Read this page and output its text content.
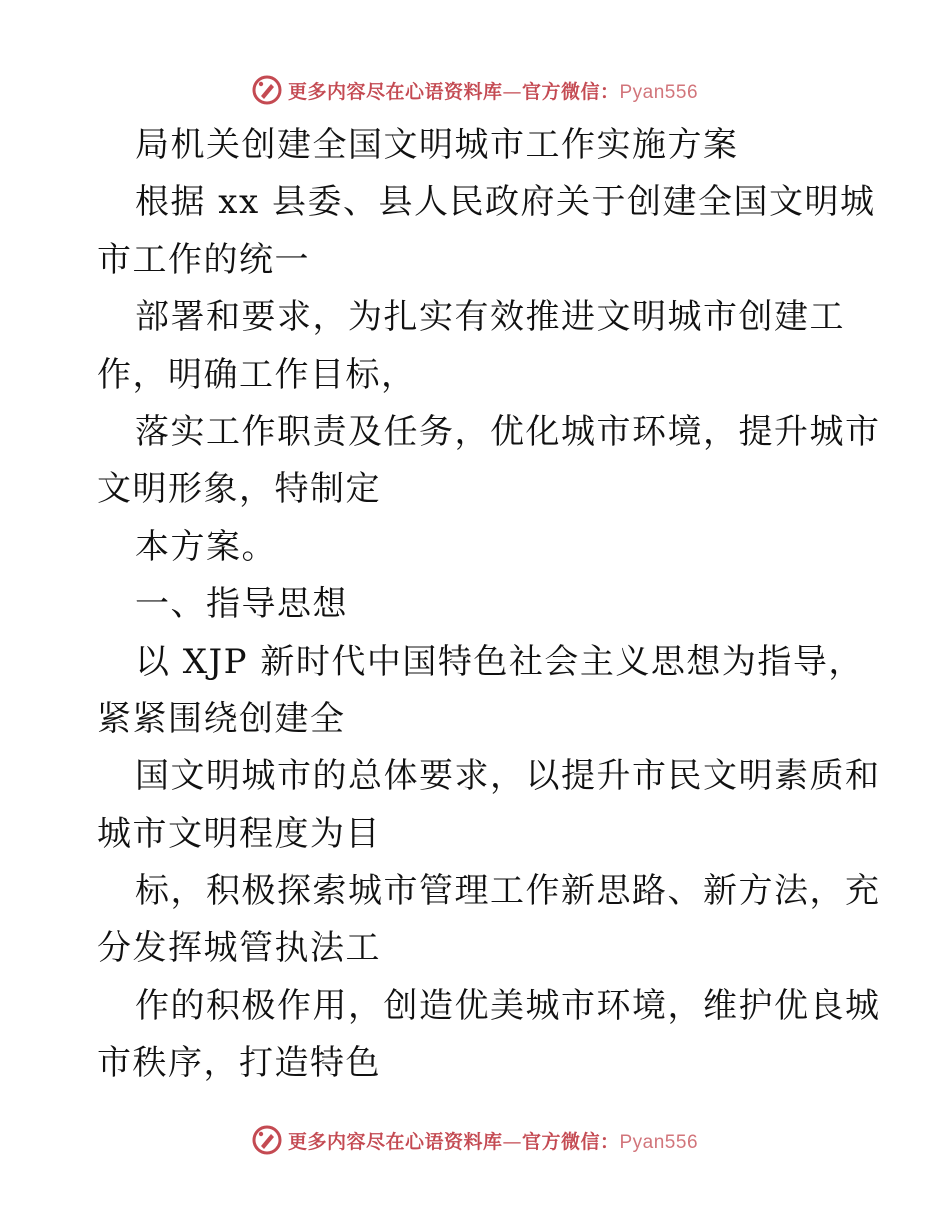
更多内容尽在心语资料库—官方微信：Pyan556
局机关创建全国文明城市工作实施方案
根据 xx 县委、县人民政府关于创建全国文明城
市工作的统一
部署和要求，为扎实有效推进文明城市创建工
作，明确工作目标，
落实工作职责及任务，优化城市环境，提升城市
文明形象，特制定
本方案。
一、指导思想
以 XJP 新时代中国特色社会主义思想为指导，
紧紧围绕创建全
国文明城市的总体要求，以提升市民文明素质和
城市文明程度为目
标，积极探索城市管理工作新思路、新方法，充
分发挥城管执法工
作的积极作用，创造优美城市环境，维护优良城
市秩序，打造特色
更多内容尽在心语资料库—官方微信：Pyan556
